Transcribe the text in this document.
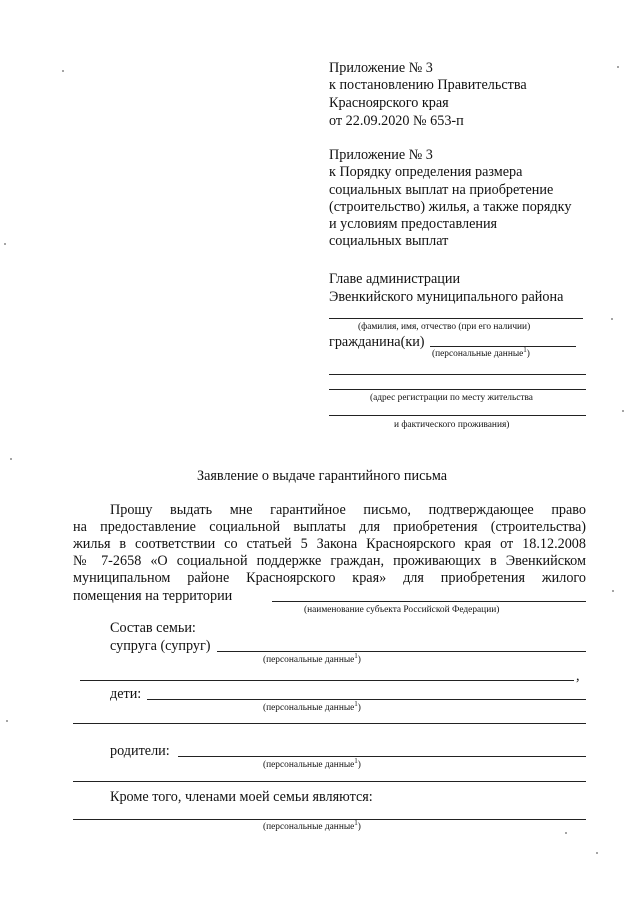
Приложение № 3
к постановлению Правительства
Красноярского края
от 22.09.2020 № 653-п
Приложение № 3
к Порядку определения размера
социальных выплат на приобретение
(строительство) жилья, а также порядку
и условиям предоставления
социальных выплат
Главе администрации
Эвенкийского муниципального района
(фамилия, имя, отчество (при его наличии)
гражданина(ки)
(персональные данные$^1$)
(адрес регистрации по месту жительства
и фактического проживания)
Заявление о выдаче гарантийного письма
Прошу выдать мне гарантийное письмо, подтверждающее право
на предоставление социальной выплаты для приобретения (строительства)
жилья в соответствии со статьей 5 Закона Красноярского края от 18.12.2008
№ 7-2658 «О социальной поддержке граждан, проживающих в Эвенкийском
муниципальном районе Красноярского края» для приобретения жилого
помещения на территории
(наименование субъекта Российской Федерации)
Состав семьи:
супруга (супруг)
(персональные данные$^1$)
,
дети:
(персональные данные$^1$)
родители:
(персональные данные$^1$)
Кроме того, членами моей семьи являются:
(персональные данные$^1$)
